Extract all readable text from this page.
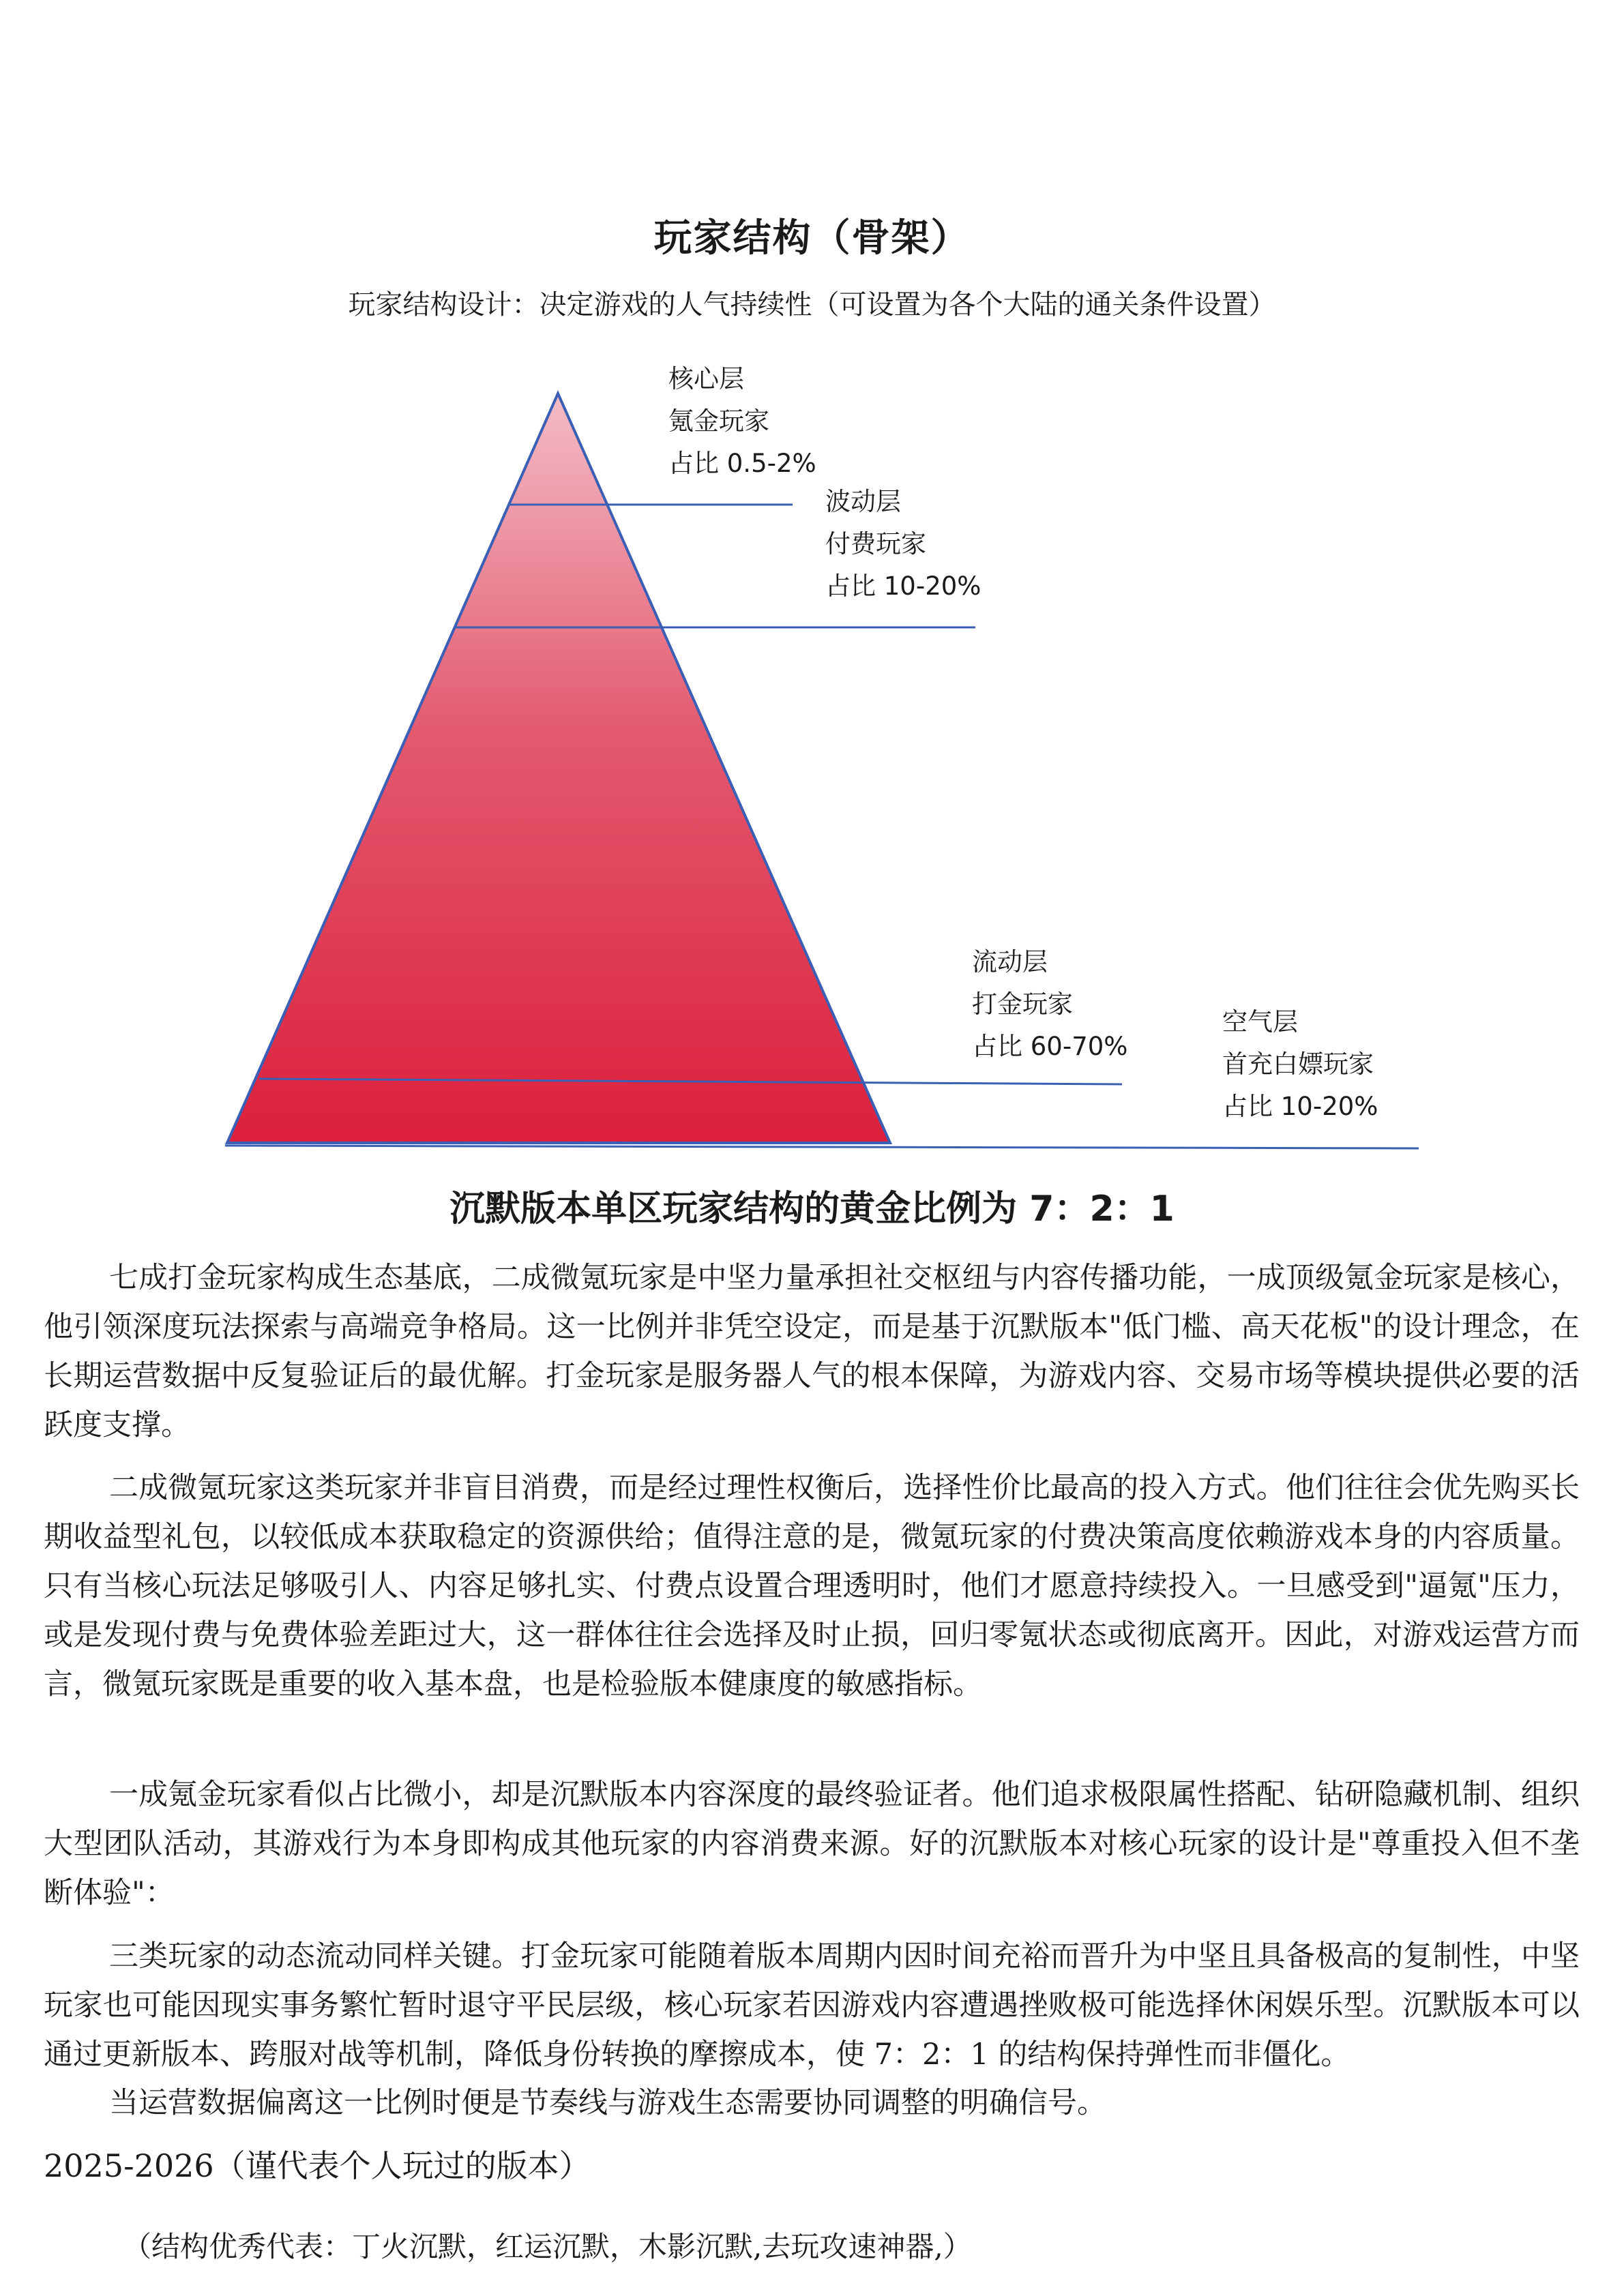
玩家结构（骨架）
玩家结构设计：决定游戏的人气持续性（可设置为各个大陆的通关条件设置）
核心层
氪金玩家
占比 0.5-2%
波动层
付费玩家
占比 10-20%
流动层
打金玩家
占比 60-70%
空气层
首充白嫖玩家
占比 10-20%
沉默版本单区玩家结构的黄金比例为 7：2：1

七成打金玩家构成生态基底，二成微氪玩家是中坚力量承担社交枢纽与内容传播功能，一成顶级氪金玩家是核心，他引领深度玩法探索与高端竞争格局。这一比例并非凭空设定，而是基于沉默版本"低门槛、高天花板"的设计理念，在长期运营数据中反复验证后的最优解。打金玩家是服务器人气的根本保障，为游戏内容、交易市场等模块提供必要的活跃度支撑。

二成微氪玩家这类玩家并非盲目消费，而是经过理性权衡后，选择性价比最高的投入方式。他们往往会优先购买长期收益型礼包，以较低成本获取稳定的资源供给；值得注意的是，微氪玩家的付费决策高度依赖游戏本身的内容质量。只有当核心玩法足够吸引人、内容足够扎实、付费点设置合理透明时，他们才愿意持续投入。一旦感受到"逼氪"压力，或是发现付费与免费体验差距过大，这一群体往往会选择及时止损，回归零氪状态或彻底离开。因此，对游戏运营方而言，微氪玩家既是重要的收入基本盘，也是检验版本健康度的敏感指标。

一成氪金玩家看似占比微小，却是沉默版本内容深度的最终验证者。他们追求极限属性搭配、钻研隐藏机制、组织大型团队活动，其游戏行为本身即构成其他玩家的内容消费来源。好的沉默版本对核心玩家的设计是"尊重投入但不垄断体验"：

三类玩家的动态流动同样关键。打金玩家可能随着版本周期内因时间充裕而晋升为中坚且具备极高的复制性，中坚玩家也可能因现实事务繁忙暂时退守平民层级，核心玩家若因游戏内容遭遇挫败极可能选择休闲娱乐型。沉默版本可以通过更新版本、跨服对战等机制，降低身份转换的摩擦成本，使 7：2：1 的结构保持弹性而非僵化。

当运营数据偏离这一比例时便是节奏线与游戏生态需要协同调整的明确信号。

2025-2026（谨代表个人玩过的版本）
（结构优秀代表：丁火沉默，红运沉默，木影沉默,去玩攻速神器,）
